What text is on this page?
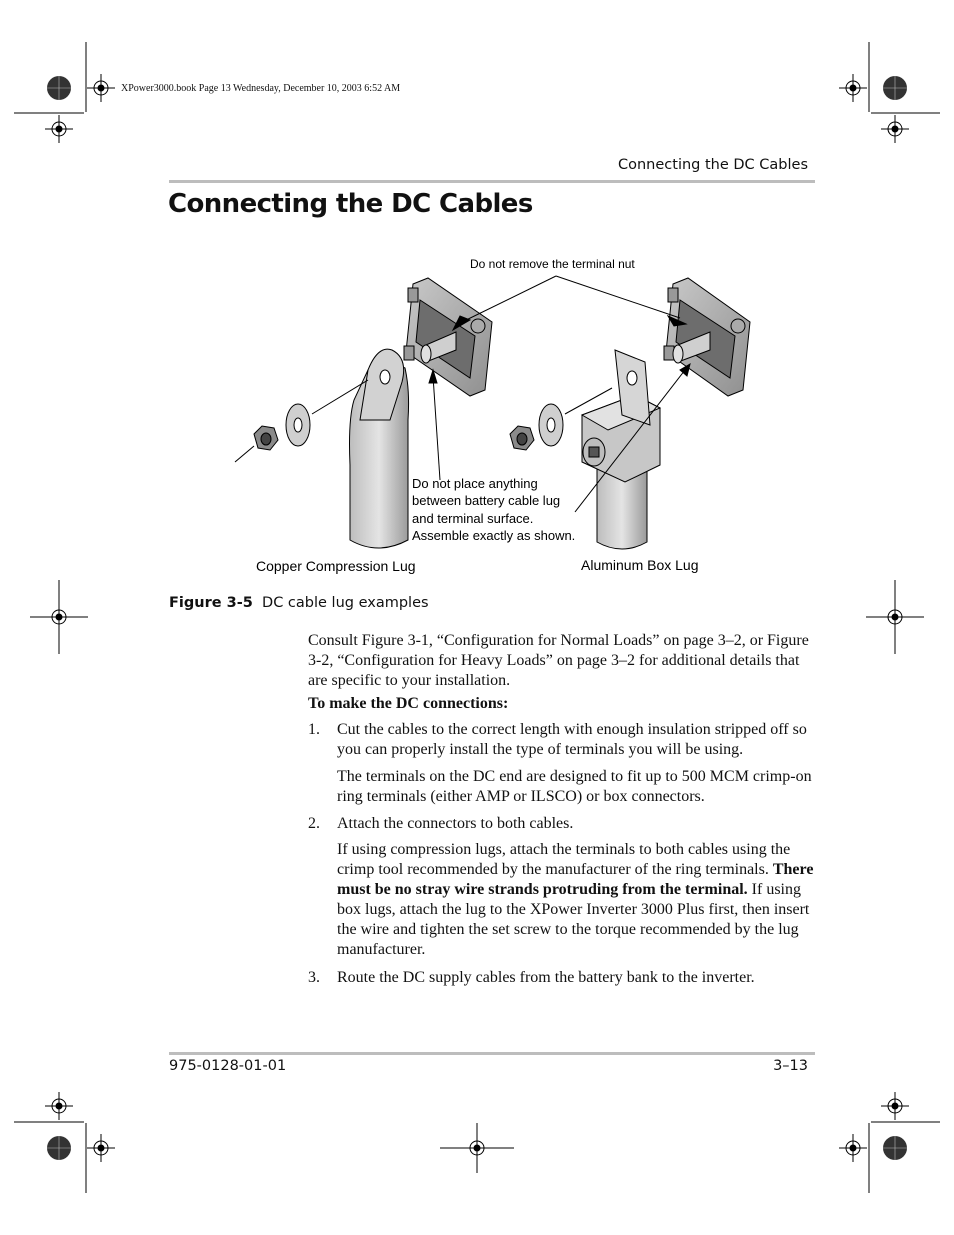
XPower3000.book Page 13 Wednesday, December 10, 2003 6:52 AM
Connecting the DC Cables
Connecting the DC Cables
Do not remove the terminal nut
Do not place anything
between battery cable lug
and terminal surface.
Assemble exactly as shown.
Copper Compression Lug	Aluminum Box Lug
Figure 3-5 DC cable lug examples
Consult Figure 3-1, “Configuration for Normal Loads” on page 3–2, or Figure 3-2, “Configuration for Heavy Loads” on page 3–2 for additional details that are specific to your installation.
To make the DC connections:
1.	Cut the cables to the correct length with enough insulation stripped off so you can properly install the type of terminals you will be using.

The terminals on the DC end are designed to fit up to 500 MCM crimp-on ring terminals (either AMP or ILSCO) or box connectors.

2.	Attach the connectors to both cables.

If using compression lugs, attach the terminals to both cables using the crimp tool recommended by the manufacturer of the ring terminals. There must be no stray wire strands protruding from the terminal. If using box lugs, attach the lug to the XPower Inverter 3000 Plus first, then insert the wire and tighten the set screw to the torque recommended by the lug manufacturer.

3.	Route the DC supply cables from the battery bank to the inverter.

975-0128-01-01	3–13
